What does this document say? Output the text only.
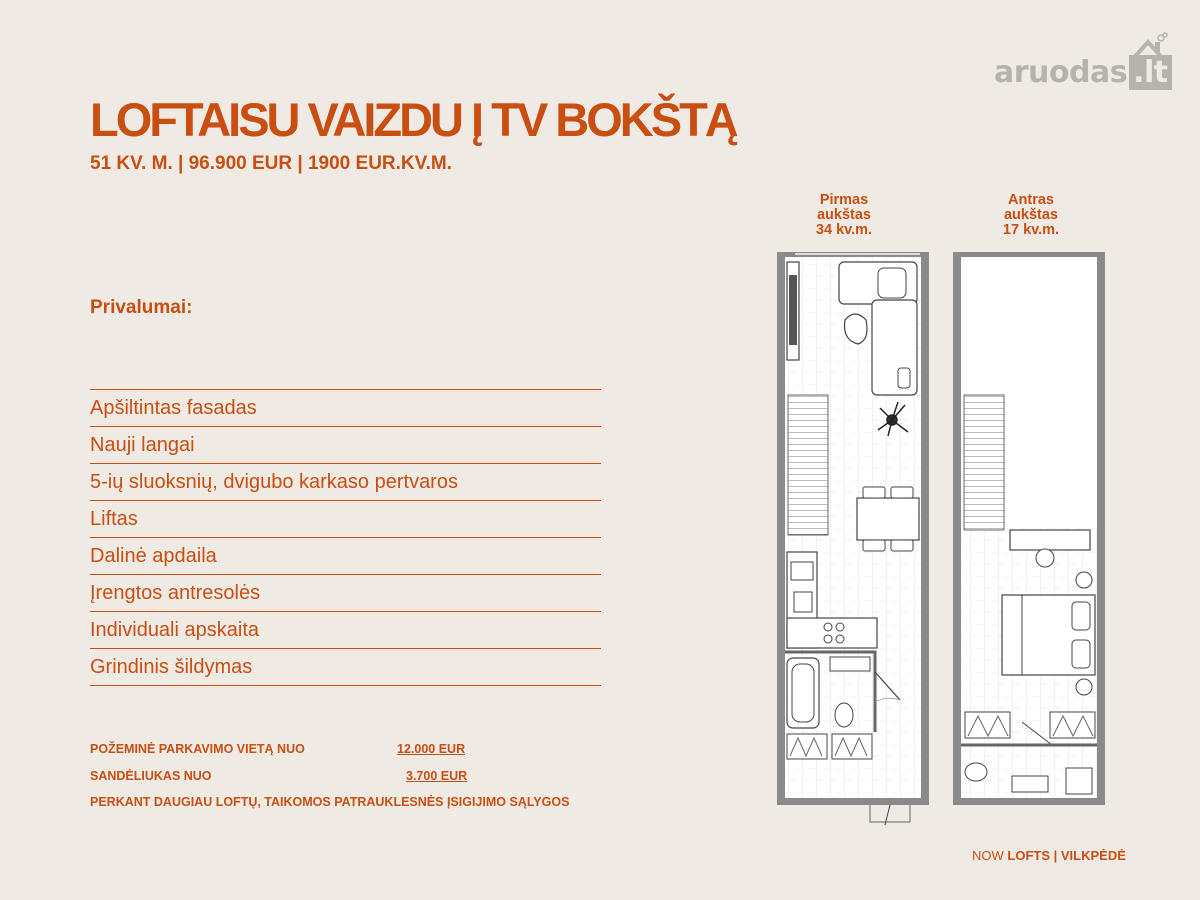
aruodas .lt
LOFTAISU VAIZDU Į TV BOKŠTĄ
51 KV. M. | 96.900 EUR | 1900 EUR.KV.M.
Privalumai:
Apšiltintas fasadas
Nauji langai
5-ių sluoksnių, dvigubo karkaso pertvaros
Liftas
Dalinė apdaila
Įrengtos antresolės
Individuali apskaita
Grindinis šildymas
POŽEMINĖ PARKAVIMO VIETĄ NUO	12.000 EUR
SANDĖLIUKAS NUO	3.700 EUR
PERKANT DAUGIAU LOFTŲ, TAIKOMOS PATRAUKLESNĖS ĮSIGIJIMO SĄLYGOS
Pirmas
aukštas
34 kv.m.
Antras
aukštas
17 kv.m.
NOW LOFTS | VILKPĖDĖ
